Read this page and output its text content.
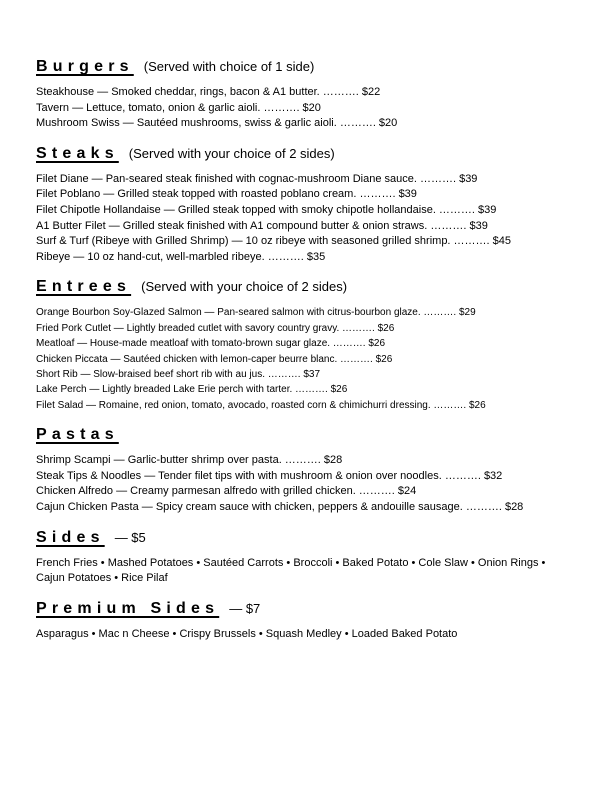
Burgers (Served with choice of 1 side)
Steakhouse — Smoked cheddar, rings, bacon & A1 butter. ………. $22
Tavern — Lettuce, tomato, onion & garlic aioli. ………. $20
Mushroom Swiss — Sautéed mushrooms, swiss & garlic aioli. ………. $20
Steaks (Served with your choice of 2 sides)
Filet Diane — Pan-seared steak finished with cognac-mushroom Diane sauce. ………. $39
Filet Poblano — Grilled steak topped with roasted poblano cream. ………. $39
Filet Chipotle Hollandaise — Grilled steak topped with smoky chipotle hollandaise. ………. $39
A1 Butter Filet — Grilled steak finished with A1 compound butter & onion straws. ………. $39
Surf & Turf (Ribeye with Grilled Shrimp) — 10 oz ribeye with seasoned grilled shrimp. ………. $45
Ribeye — 10 oz hand-cut, well-marbled ribeye. ………. $35
Entrees (Served with your choice of 2 sides)
Orange Bourbon Soy-Glazed Salmon — Pan-seared salmon with citrus-bourbon glaze. ………. $29
Fried Pork Cutlet — Lightly breaded cutlet with savory country gravy. ………. $26
Meatloaf — House-made meatloaf with tomato-brown sugar glaze. ………. $26
Chicken Piccata — Sautéed chicken with lemon-caper beurre blanc. ………. $26
Short Rib — Slow-braised beef short rib with au jus. ………. $37
Lake Perch — Lightly breaded Lake Erie perch with tarter. ………. $26
Filet Salad — Romaine, red onion, tomato, avocado, roasted corn & chimichurri dressing. ………. $26
Pastas
Shrimp Scampi — Garlic-butter shrimp over pasta. ………. $28
Steak Tips & Noodles — Tender filet tips with with mushroom & onion over noodles. ………. $32
Chicken Alfredo — Creamy parmesan alfredo with grilled chicken. ………. $24
Cajun Chicken Pasta — Spicy cream sauce with chicken, peppers & andouille sausage. ………. $28
Sides — $5
French Fries • Mashed Potatoes • Sautéed Carrots • Broccoli • Baked Potato • Cole Slaw • Onion Rings • Cajun Potatoes • Rice Pilaf
Premium Sides — $7
Asparagus • Mac n Cheese • Crispy Brussels • Squash Medley • Loaded Baked Potato
